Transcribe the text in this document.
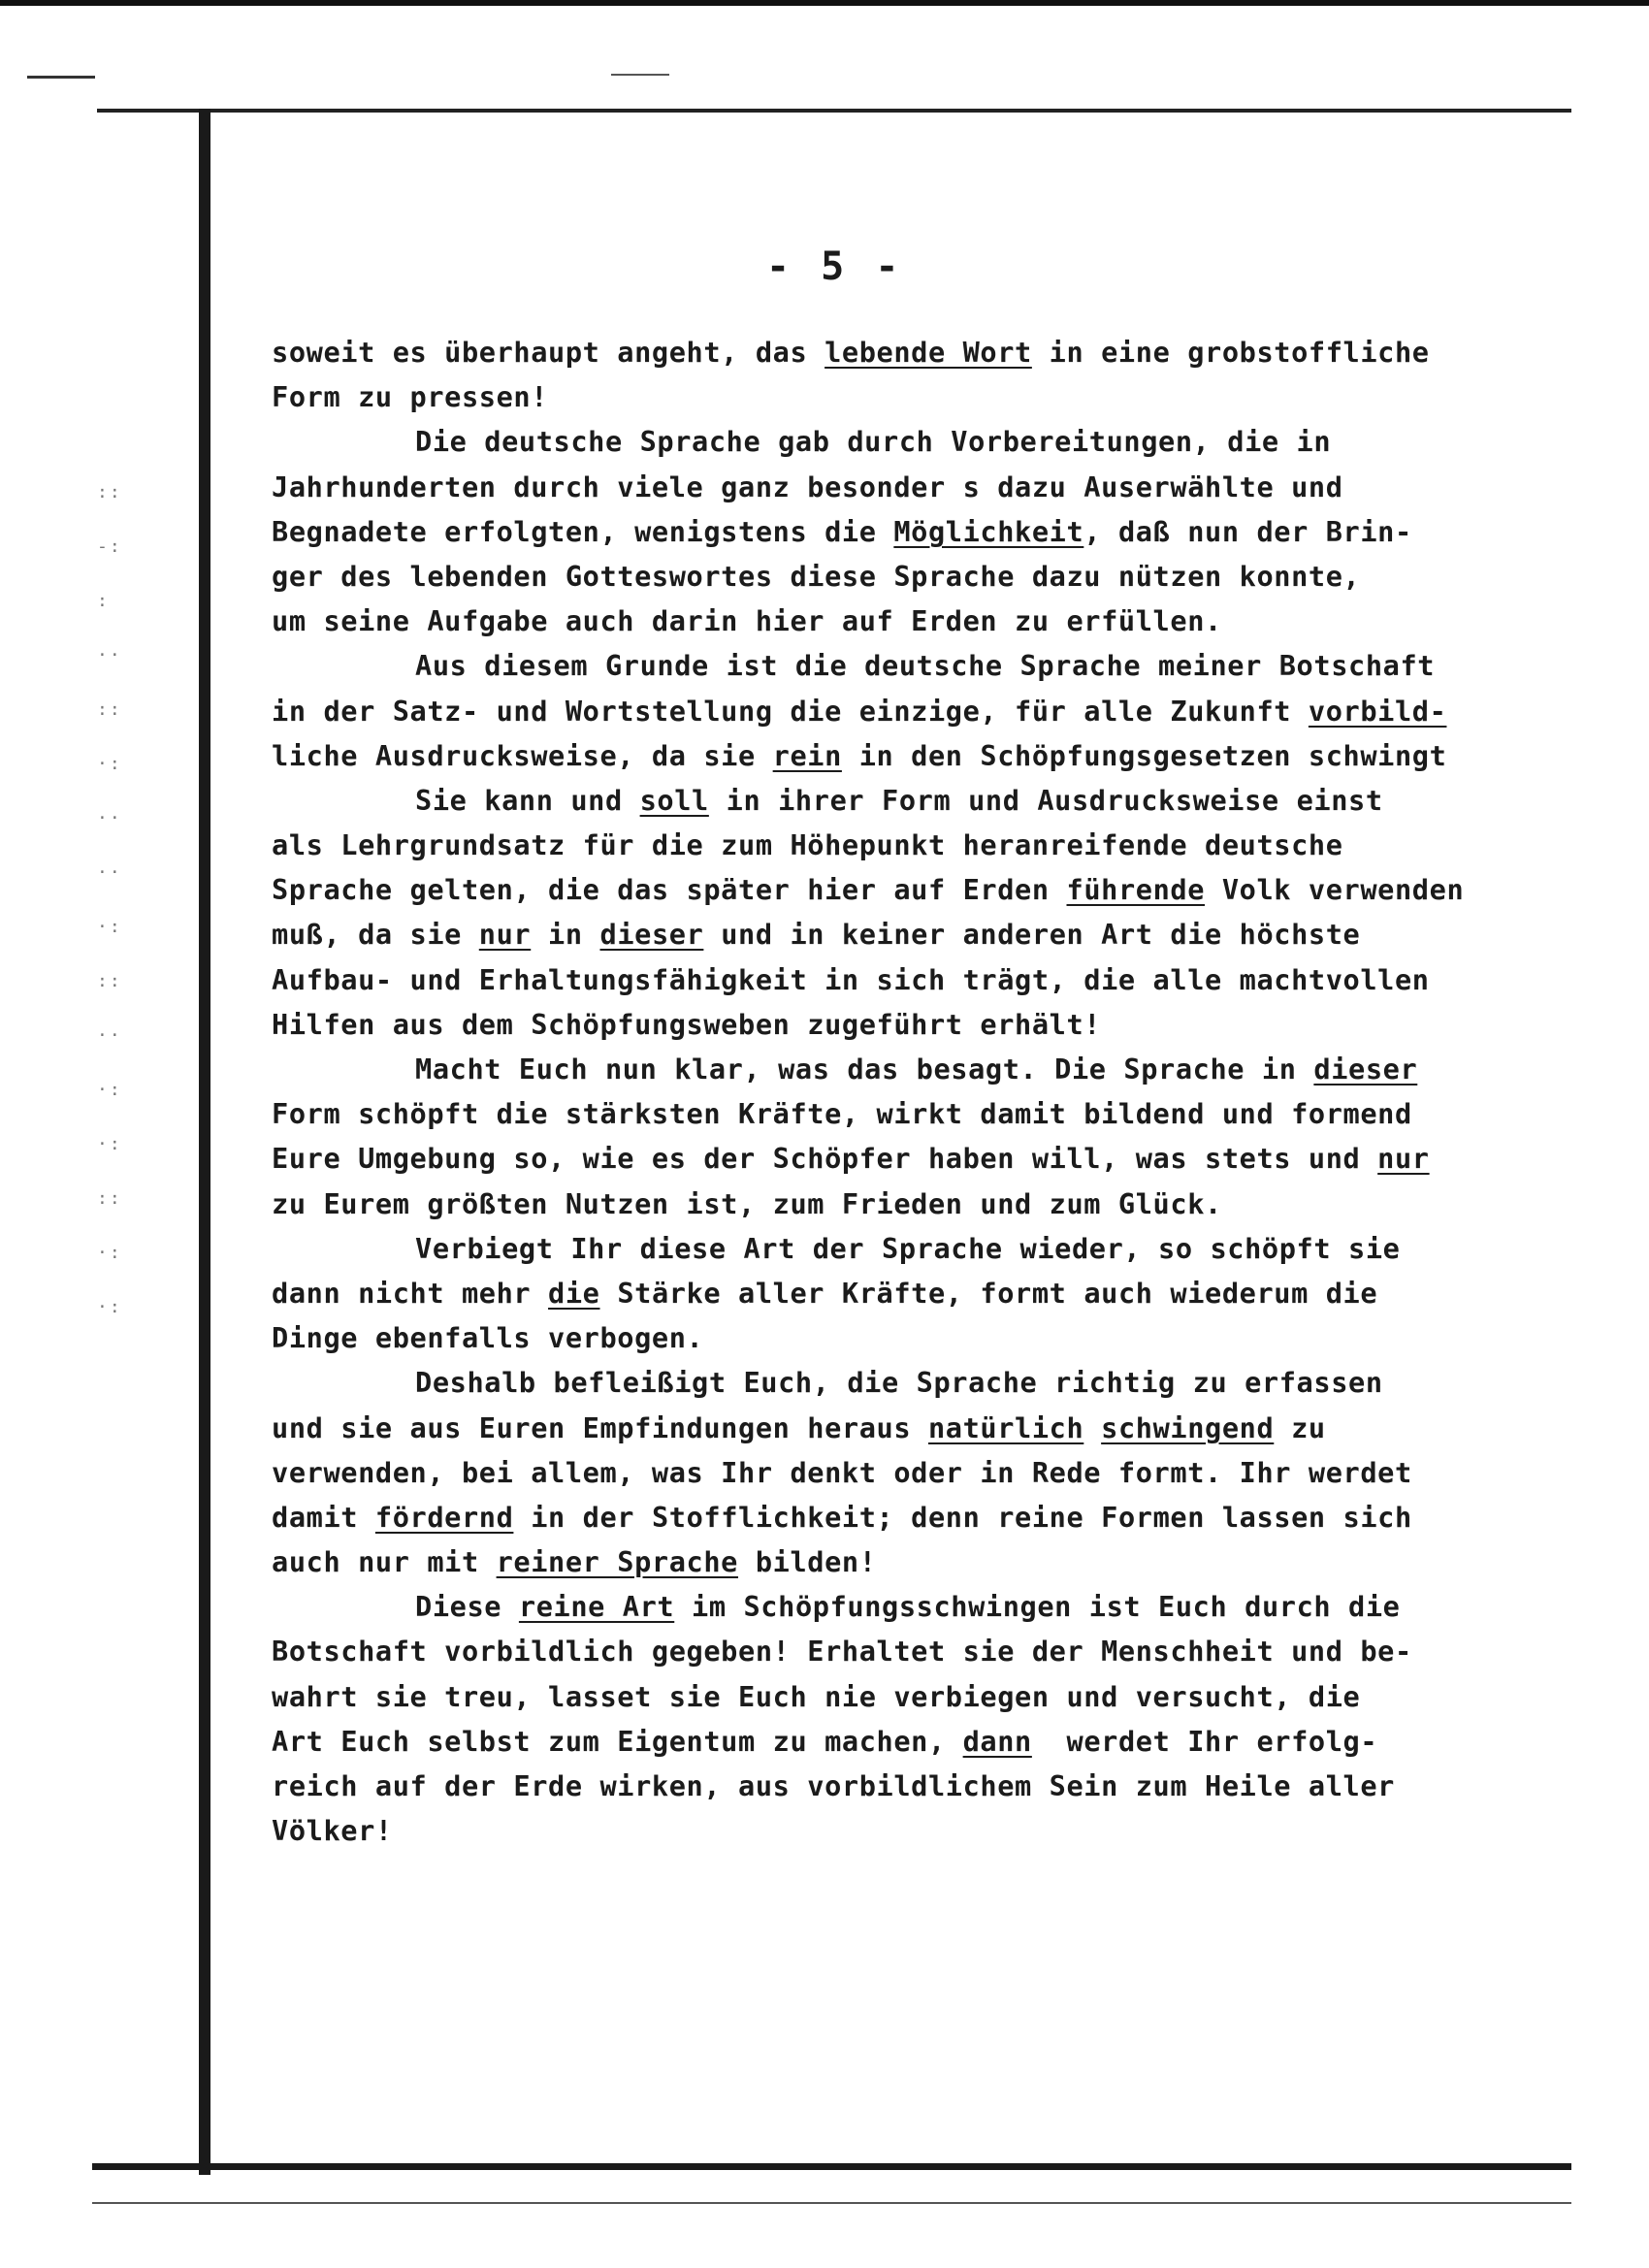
::
-:
:
··
::
·:
··
··
·:
::
··
·:
·:
::
·:
·:
- 5 -
soweit es überhaupt angeht, das lebende Wort in eine grobstoffliche
Form zu pressen!
Die deutsche Sprache gab durch Vorbereitungen, die in
Jahrhunderten durch viele ganz besonder s dazu Auserwählte und
Begnadete erfolgten, wenigstens die Möglichkeit, daß nun der Brin-
ger des lebenden Gotteswortes diese Sprache dazu nützen konnte,
um seine Aufgabe auch darin hier auf Erden zu erfüllen.
Aus diesem Grunde ist die deutsche Sprache meiner Botschaft
in der Satz- und Wortstellung die einzige, für alle Zukunft vorbild-
liche Ausdrucksweise, da sie rein in den Schöpfungsgesetzen schwingt
Sie kann und soll in ihrer Form und Ausdrucksweise einst
als Lehrgrundsatz für die zum Höhepunkt heranreifende deutsche
Sprache gelten, die das später hier auf Erden führende Volk verwenden
muß, da sie nur in dieser und in keiner anderen Art die höchste
Aufbau- und Erhaltungsfähigkeit in sich trägt, die alle machtvollen
Hilfen aus dem Schöpfungsweben zugeführt erhält!
Macht Euch nun klar, was das besagt. Die Sprache in dieser
Form schöpft die stärksten Kräfte, wirkt damit bildend und formend
Eure Umgebung so, wie es der Schöpfer haben will, was stets und nur
zu Eurem größten Nutzen ist, zum Frieden und zum Glück.
Verbiegt Ihr diese Art der Sprache wieder, so schöpft sie
dann nicht mehr die Stärke aller Kräfte, formt auch wiederum die
Dinge ebenfalls verbogen.
Deshalb befleißigt Euch, die Sprache richtig zu erfassen
und sie aus Euren Empfindungen heraus natürlich schwingend zu
verwenden, bei allem, was Ihr denkt oder in Rede formt. Ihr werdet
damit fördernd in der Stofflichkeit; denn reine Formen lassen sich
auch nur mit reiner Sprache bilden!
Diese reine Art im Schöpfungsschwingen ist Euch durch die
Botschaft vorbildlich gegeben! Erhaltet sie der Menschheit und be-
wahrt sie treu, lasset sie Euch nie verbiegen und versucht, die
Art Euch selbst zum Eigentum zu machen, dann  werdet Ihr erfolg-
reich auf der Erde wirken, aus vorbildlichem Sein zum Heile aller
Völker!
